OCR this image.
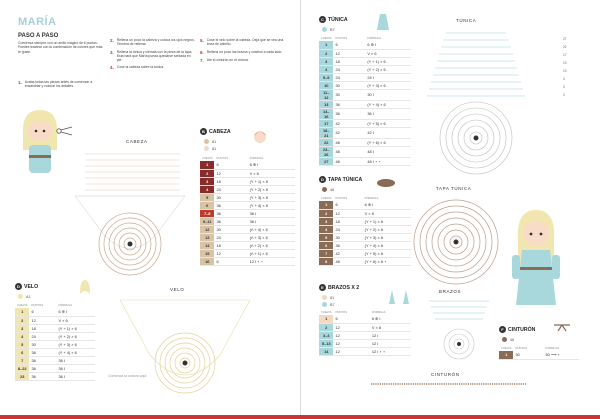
MARÍA
PASO A PASO
Comienza siempre con un anillo mágico de 6 puntos. Puedes trastear con la combinación de colores que más te guste.
1. Acaba todas las piezas antes de comenzar a ensamblar y colocar los detalles.
2. Rellena un poco la cabeza y coloca los ojos negros. Termina de rellenar.
3. Rellena la túnica y ciérrala con la pieza de la tapa. Esta hará que María pueda quedarse sentada en pie.
4. Cose la cabeza sobre la túnica.
5. Cose el velo sobre la cabeza. Deja que se vea una línea de cabello.
6. Rellena un poco las brazos y cóselos a cada lado.
7. Ate el cinturón en el cintura.
CABEZA
B CABEZA
81
81
VUELTA	PUNTOS	FÓRMULA
1	6	6 ⊕ I
2	12	V × 6
3	18	(Y + 1) × 6
4	24	(Y + 2) × 6
5	30	(Y + 3) × 6
6	36	(Y + 4) × 6
7–8	36	36 I
9–11	36	36 I
12	30	(Λ + 4) × 6
13	24	(Λ + 3) × 6
14	18	(Λ + 2) × 6
15	12	(Λ + 1) × 6
16	6	12 I ⋆ ⋆
D VELO
A1
VUELTA	PUNTOS	FÓRMULA
1	6	6 ⊕ I
2	12	V × 6
3	18	(Y + 1) × 6
4	24	(Y + 2) × 6
5	30	(Y + 3) × 6
6	36	(Y + 4) × 6
7	36	36 I
8–22	36	36 I
23	36	36 I
VELO
Comienza la costura aquí
C TÚNICA
B7
VUELTA	PUNTOS	FÓRMULA
1	6	6 ⊕ I
2	12	V × 6
3	18	(Y + 1) × 6
4	24	(Y + 2) × 6
5–9	24	24 I
10	30	(Y + 3) × 6
11–12	30	30 I
13	36	(Y + 4) × 6
14–16	36	36 I
17	42	(Y + 5) × 6
18–21	42	42 I
22	48	(Y + 6) × 6
23–26	48	48 I
27	48	48 I ⋆ ⋆
TÚNICA
27
22
17
13
10
4
3
2
D TAPA TÚNICA
46
VUELTA	PUNTOS	FÓRMULA
1	6	6 ⊕ I
2	12	V × 6
3	18	(Y + 1) × 6
4	24	(Y + 2) × 6
5	30	(Y + 3) × 6
6	36	(Y + 4) × 6
7	42	(Y + 5) × 6
8	48	(Y + 6) × 6 ⋆
TAPA TÚNICA
E BRAZOS X 2
81
B7
VUELTA	PUNTOS	FÓRMULA
1	6	6 ⊕ I
2	12	V × 6
3–4	12	12 I
5–13	12	12 I
14	12	12 I ⋆ ⋆
BRAZOS
F CINTURÓN
46
VUELTA	PUNTOS	FÓRMULA
1	50	50 ⟶ ⋆
CINTURÓN
